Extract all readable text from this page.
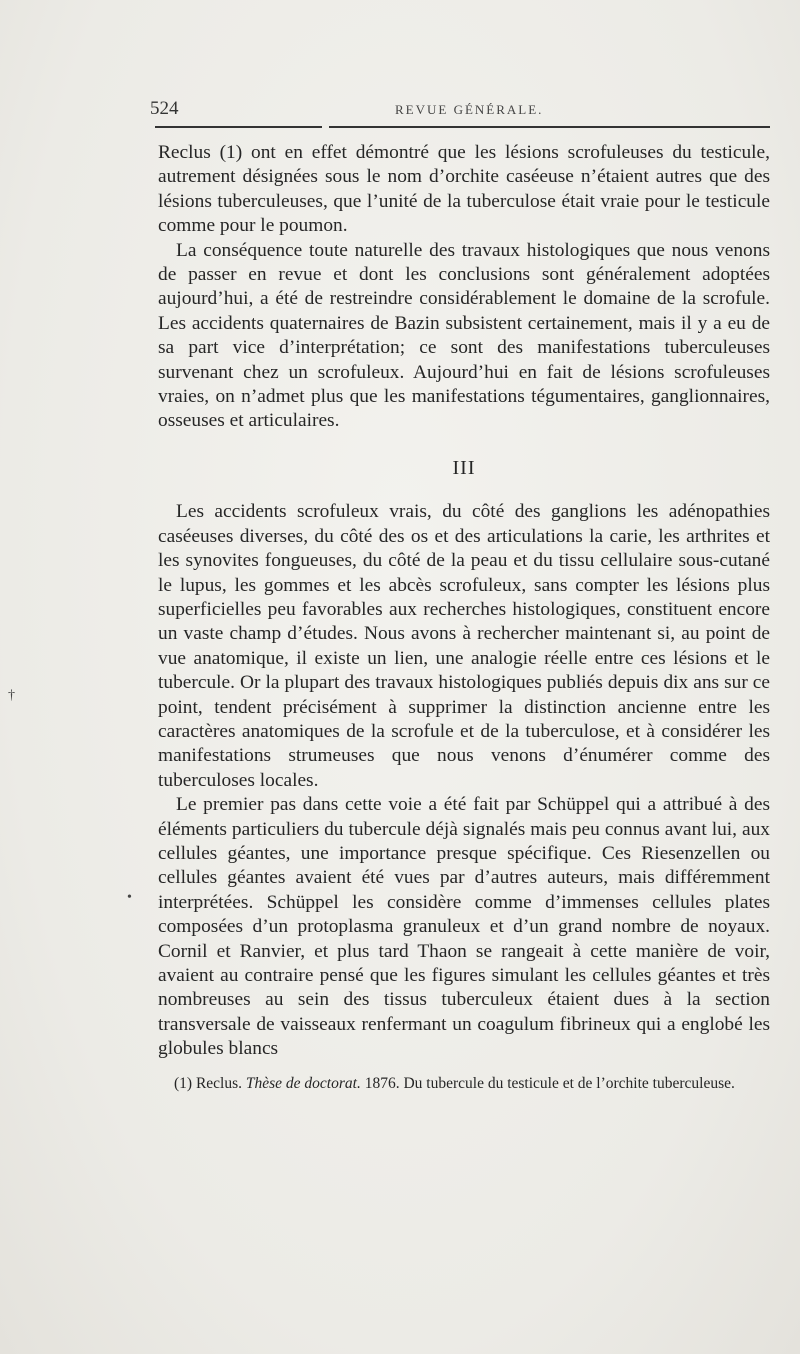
524	REVUE GÉNÉRALE.

Reclus (1) ont en effet démontré que les lésions scrofuleuses du testicule, autrement désignées sous le nom d’orchite caséeuse n’étaient autres que des lésions tuberculeuses, que l’unité de la tuberculose était vraie pour le testicule comme pour le poumon.

La conséquence toute naturelle des travaux histologiques que nous venons de passer en revue et dont les conclusions sont généralement adoptées aujourd’hui, a été de restreindre considérablement le domaine de la scrofule. Les accidents quaternaires de Bazin subsistent certainement, mais il y a eu de sa part vice d’interprétation; ce sont des manifestations tuberculeuses survenant chez un scrofuleux. Aujourd’hui en fait de lésions scrofuleuses vraies, on n’admet plus que les manifestations tégumentaires, ganglionnaires, osseuses et articulaires.

III

Les accidents scrofuleux vrais, du côté des ganglions les adénopathies caséeuses diverses, du côté des os et des articulations la carie, les arthrites et les synovites fongueuses, du côté de la peau et du tissu cellulaire sous-cutané le lupus, les gommes et les abcès scrofuleux, sans compter les lésions plus superficielles peu favorables aux recherches histologiques, constituent encore un vaste champ d’études. Nous avons à rechercher maintenant si, au point de vue anatomique, il existe un lien, une analogie réelle entre ces lésions et le tubercule. Or la plupart des travaux histologiques publiés depuis dix ans sur ce point, tendent précisément à supprimer la distinction ancienne entre les caractères anatomiques de la scrofule et de la tuberculose, et à considérer les manifestations strumeuses que nous venons d’énumérer comme des tuberculoses locales.

Le premier pas dans cette voie a été fait par Schüppel qui a attribué à des éléments particuliers du tubercule déjà signalés mais peu connus avant lui, aux cellules géantes, une importance presque spécifique. Ces Riesenzellen ou cellules géantes avaient été vues par d’autres auteurs, mais différemment interprétées. Schüppel les considère comme d’immenses cellules plates composées d’un protoplasma granuleux et d’un grand nombre de noyaux. Cornil et Ranvier, et plus tard Thaon se rangeait à cette manière de voir, avaient au contraire pensé que les figures simulant les cellules géantes et très nombreuses au sein des tissus tuberculeux étaient dues à la section transversale de vaisseaux renfermant un coagulum fibrineux qui a englobé les globules blancs

(1) Reclus. Thèse de doctorat. 1876. Du tubercule du testicule et de l’orchite tuberculeuse.

†
•
